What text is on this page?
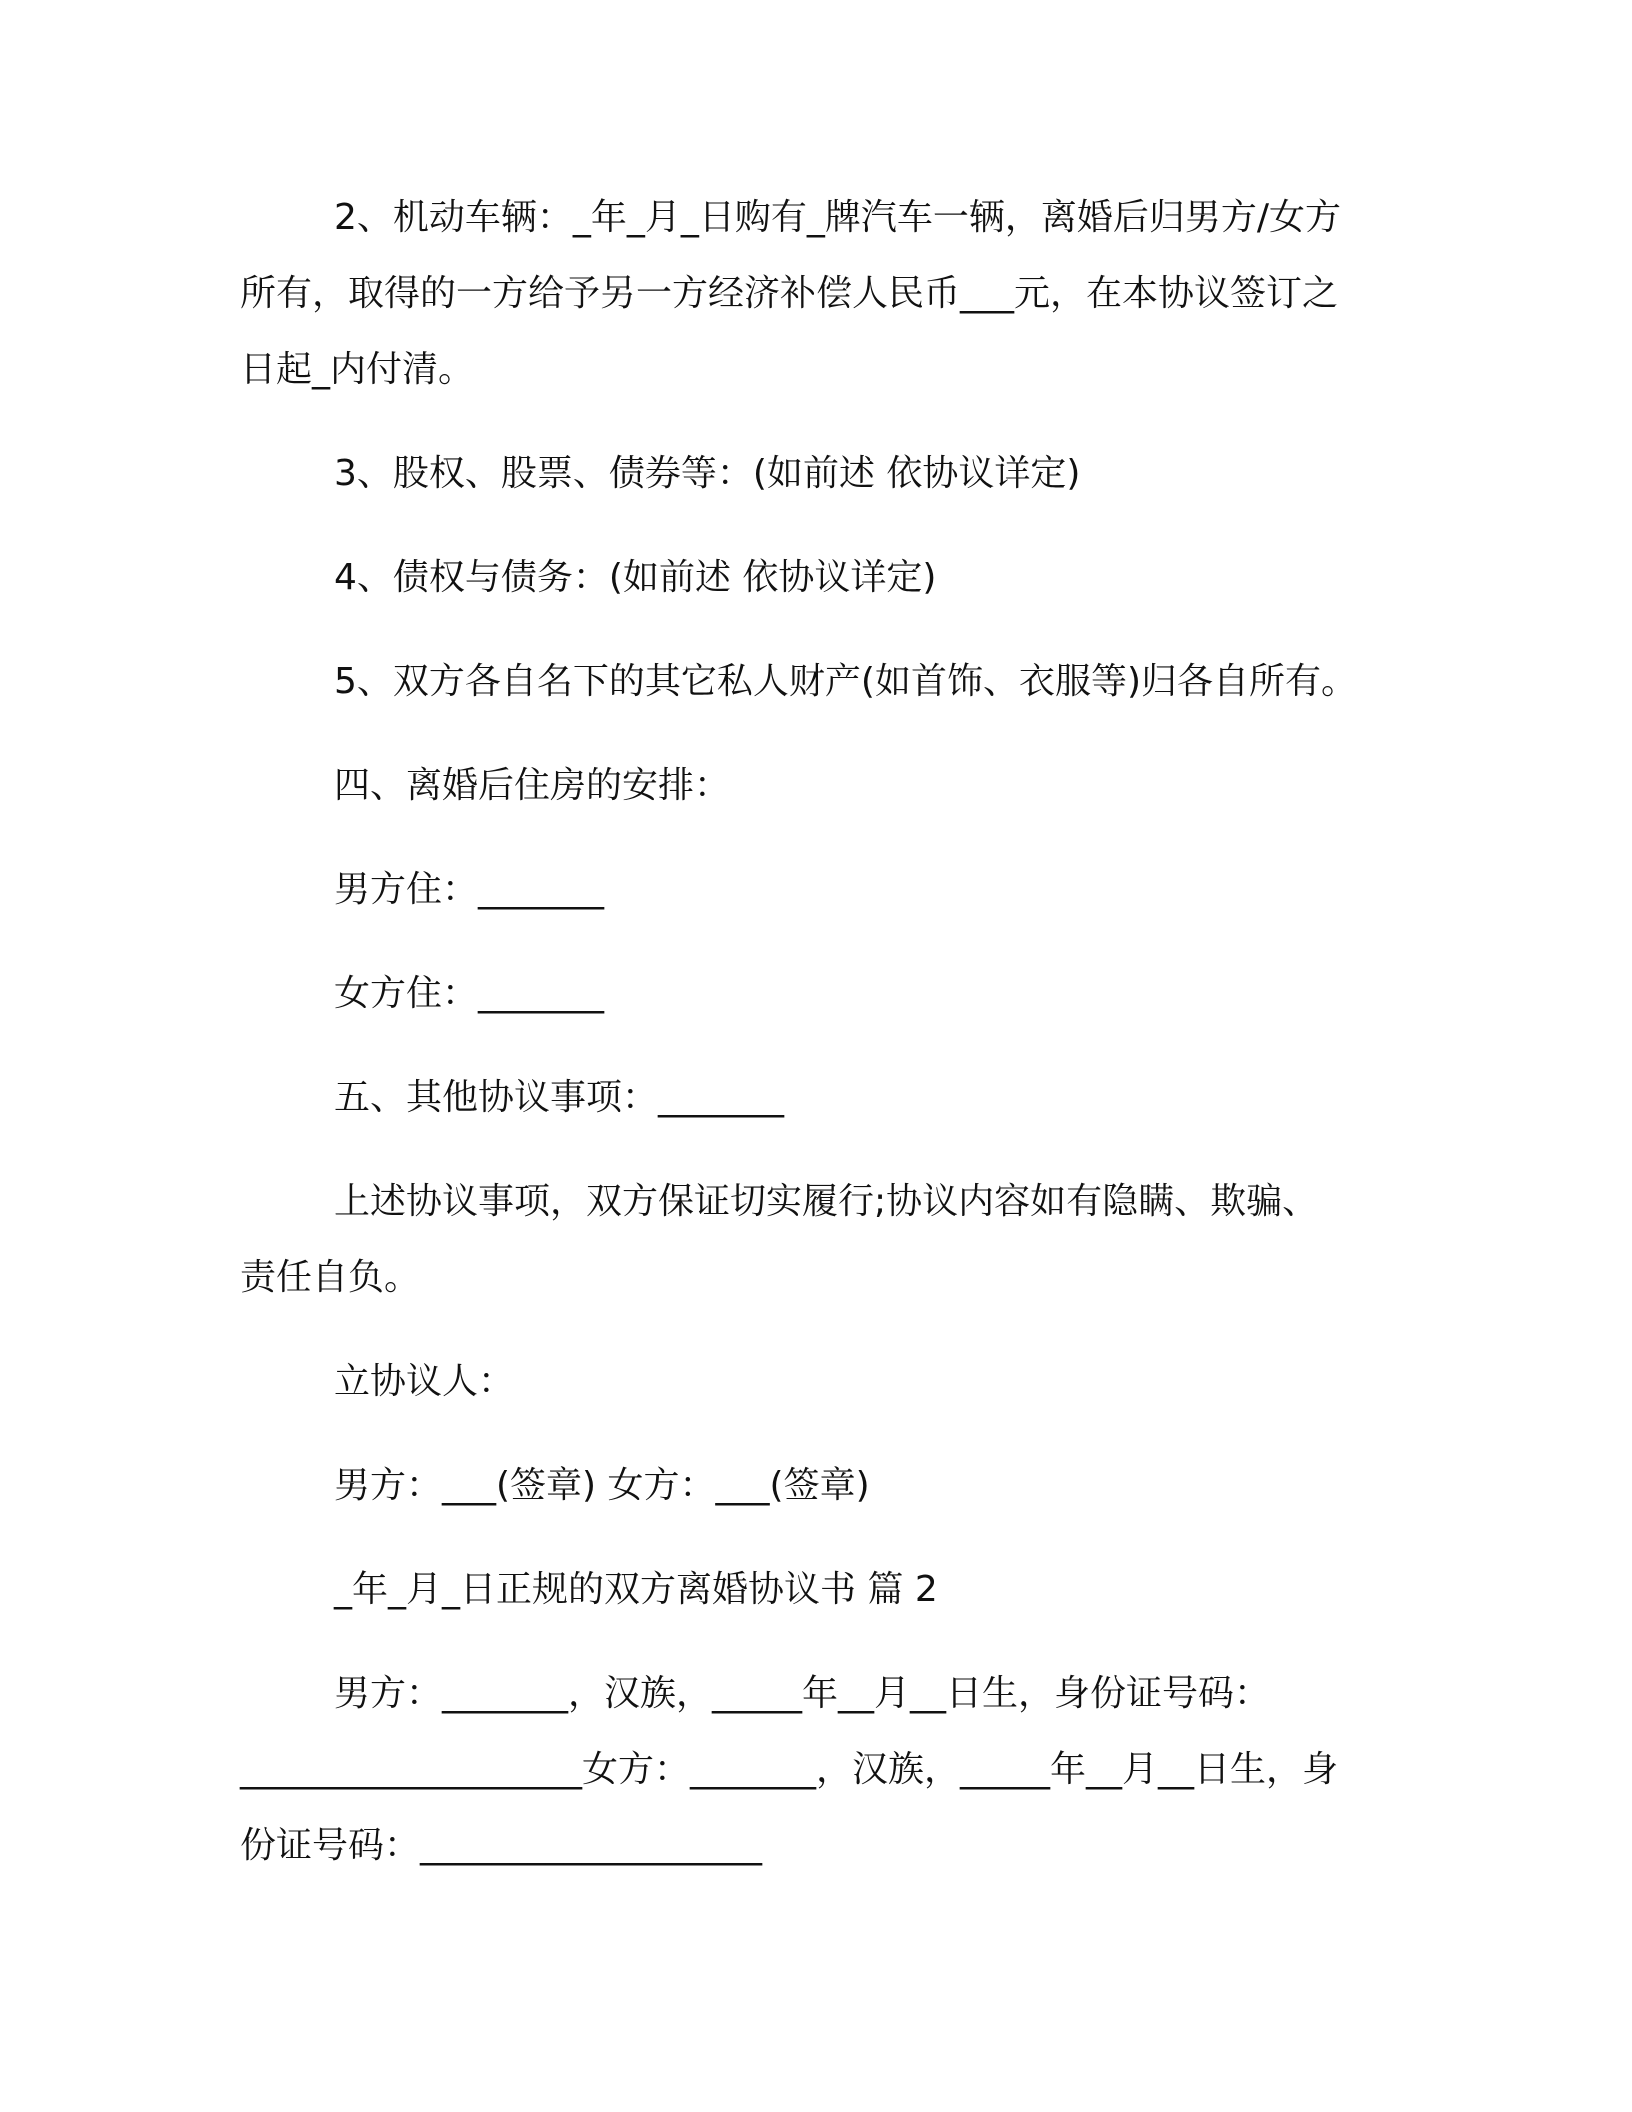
2、机动车辆：_年_月_日购有_牌汽车一辆，离婚后归男方/女方
所有，取得的一方给予另一方经济补偿人民币___元，在本协议签订之
日起_内付清。
3、股权、股票、债券等：(如前述 依协议详定)
4、债权与债务：(如前述 依协议详定)
5、双方各自名下的其它私人财产(如首饰、衣服等)归各自所有。
四、离婚后住房的安排：
男方住：_______
女方住：_______
五、其他协议事项：_______
上述协议事项，双方保证切实履行;协议内容如有隐瞒、欺骗、
责任自负。
立协议人：
男方：___(签章) 女方：___(签章)
_年_月_日正规的双方离婚协议书 篇 2
男方：_______，汉族，_____年__月__日生，身份证号码：
___________________女方：_______，汉族，_____年__月__日生，身
份证号码：___________________
